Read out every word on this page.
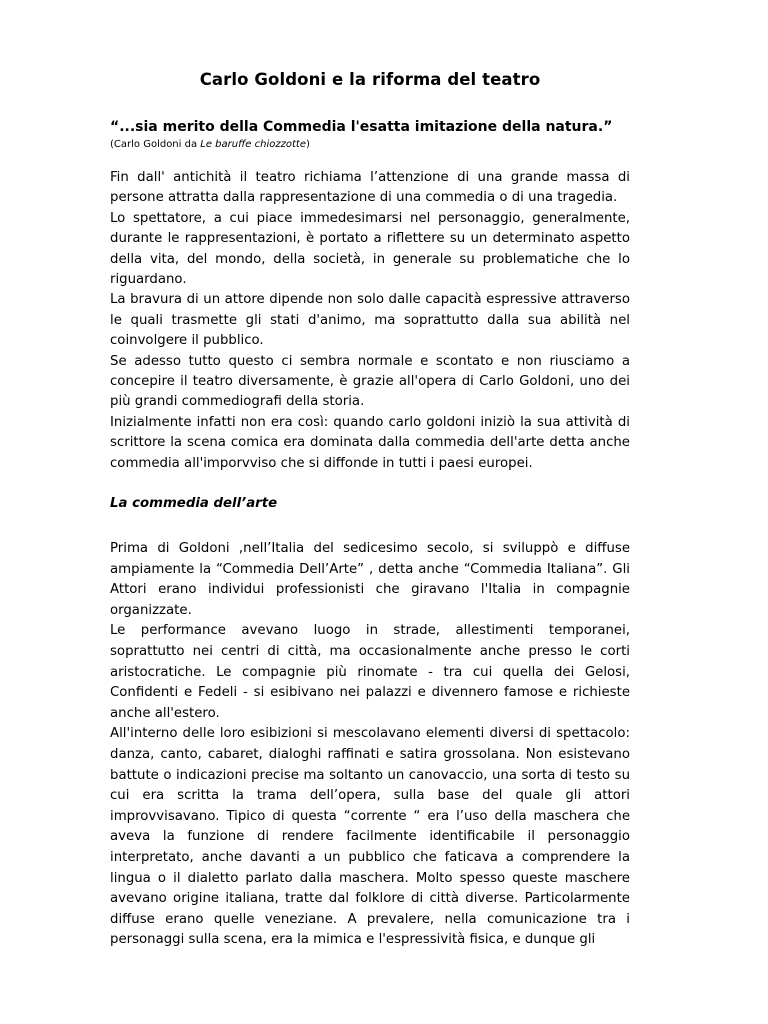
Carlo Goldoni e la riforma del teatro

“...sia merito della Commedia l'esatta imitazione della natura.”

(Carlo Goldoni da Le baruffe chiozzotte)

Fin dall' antichità il teatro richiama l’attenzione di una grande massa di persone attratta dalla rappresentazione di una commedia o di una tragedia.

Lo spettatore, a cui piace immedesimarsi nel personaggio, generalmente, durante le rappresentazioni, è portato a riflettere su un determinato aspetto della vita, del mondo, della società, in generale su problematiche che lo riguardano.

La bravura di un attore dipende non solo dalle capacità espressive attraverso le quali trasmette gli stati d'animo, ma soprattutto dalla sua abilità nel coinvolgere il pubblico.

Se adesso tutto questo ci sembra normale e scontato e non riusciamo a concepire il teatro diversamente, è grazie all'opera di Carlo Goldoni, uno dei più grandi commediografi della storia.

Inizialmente infatti non era così: quando carlo goldoni iniziò la sua attività di scrittore la scena comica era dominata dalla commedia dell'arte detta anche commedia all'imporvviso che si diffonde in tutti i paesi europei.

La commedia dell’arte

Prima di Goldoni ,nell’Italia del sedicesimo secolo, si sviluppò e diffuse ampiamente la “Commedia Dell’Arte” , detta anche “Commedia Italiana”. Gli Attori erano individui professionisti che giravano l'Italia in compagnie organizzate.

Le performance avevano luogo in strade, allestimenti temporanei, soprattutto nei centri di città, ma occasionalmente anche presso le corti aristocratiche. Le compagnie più rinomate - tra cui quella dei Gelosi, Confidenti e Fedeli - si esibivano nei palazzi e divennero famose e richieste anche all'estero.

All'interno delle loro esibizioni si mescolavano elementi diversi di spettacolo: danza, canto, cabaret, dialoghi raffinati e satira grossolana. Non esistevano battute o indicazioni precise ma soltanto un canovaccio, una sorta di testo su cui era scritta la trama dell’opera, sulla base del quale gli attori improvvisavano. Tipico di questa “corrente “ era l’uso della maschera che aveva la funzione di rendere facilmente identificabile il personaggio interpretato, anche davanti a un pubblico che faticava a comprendere la lingua o il dialetto parlato dalla maschera. Molto spesso queste maschere avevano origine italiana, tratte dal folklore di città diverse. Particolarmente diffuse erano quelle veneziane. A prevalere, nella comunicazione tra i personaggi sulla scena, era la mimica e l'espressività fisica, e dunque gli
